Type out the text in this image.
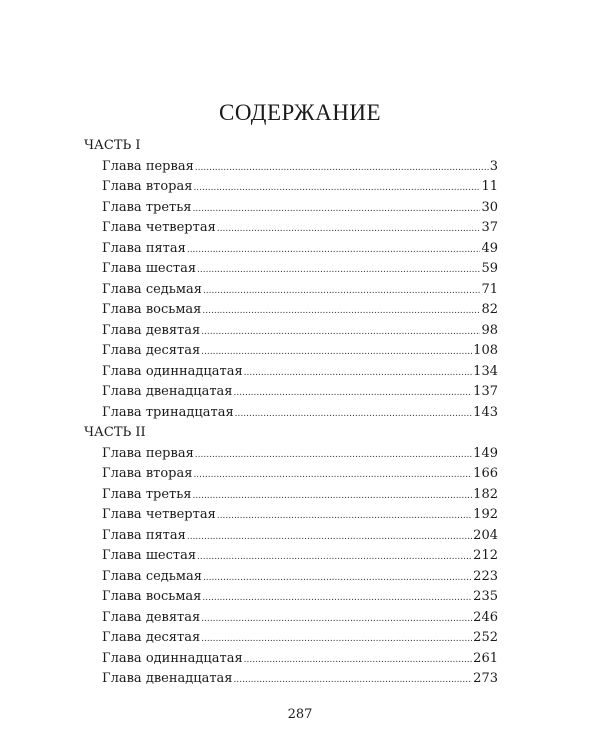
СОДЕРЖАНИЕ
ЧАСТЬ I
Глава первая .....	3
Глава вторая .....	11
Глава третья .....	30
Глава четвертая .....	37
Глава пятая .....	49
Глава шестая .....	59
Глава седьмая .....	71
Глава восьмая .....	82
Глава девятая .....	98
Глава десятая .....	108
Глава одиннадцатая .....	134
Глава двенадцатая .....	137
Глава тринадцатая .....	143
ЧАСТЬ II
Глава первая .....	149
Глава вторая .....	166
Глава третья .....	182
Глава четвертая .....	192
Глава пятая .....	204
Глава шестая .....	212
Глава седьмая .....	223
Глава восьмая .....	235
Глава девятая .....	246
Глава десятая .....	252
Глава одиннадцатая .....	261
Глава двенадцатая .....	273
287
